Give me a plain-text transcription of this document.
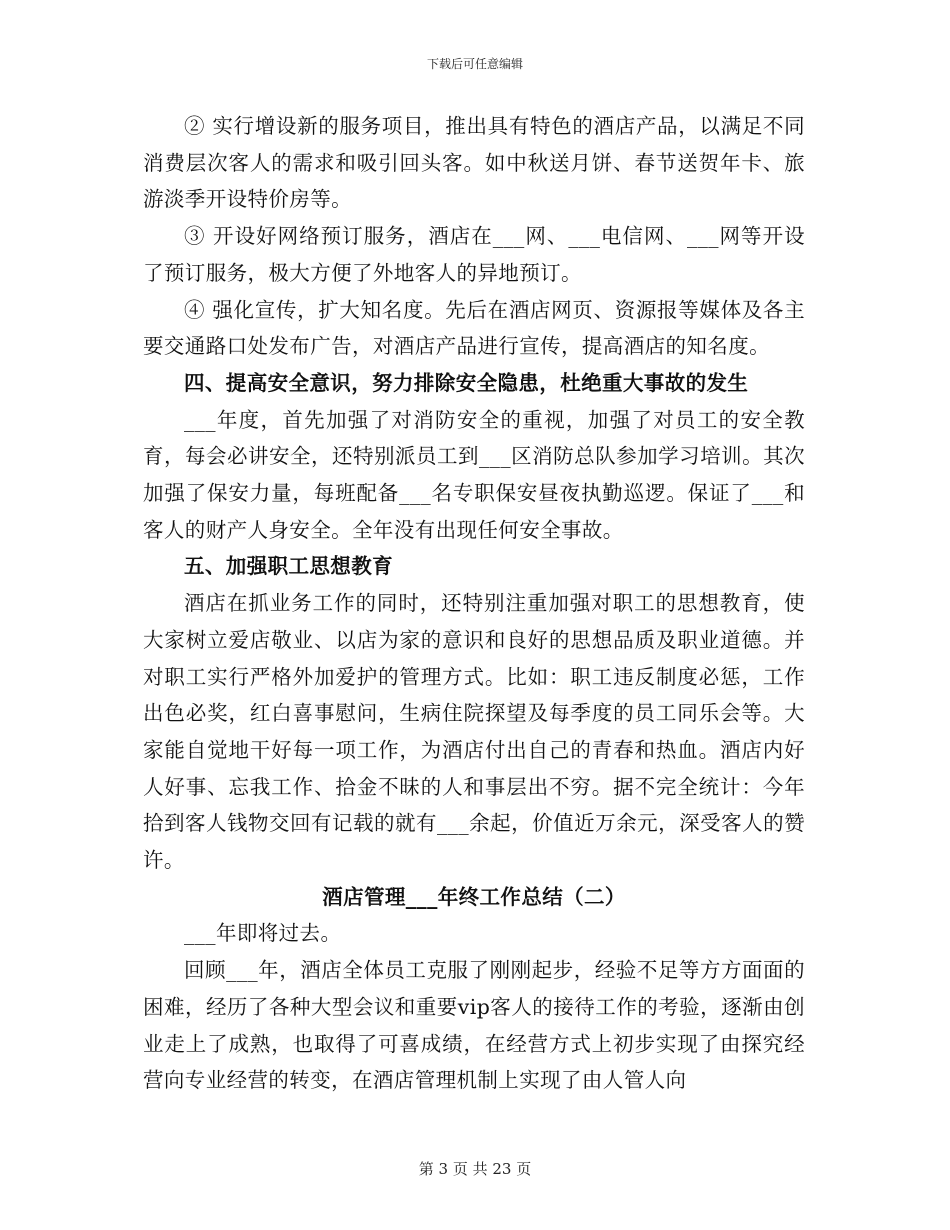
下载后可任意编辑

② 实行增设新的服务项目，推出具有特色的酒店产品，以满足不同消费层次客人的需求和吸引回头客。如中秋送月饼、春节送贺年卡、旅游淡季开设特价房等。

③ 开设好网络预订服务，酒店在___网、___电信网、___网等开设了预订服务，极大方便了外地客人的异地预订。

④ 强化宣传，扩大知名度。先后在酒店网页、资源报等媒体及各主要交通路口处发布广告，对酒店产品进行宣传，提高酒店的知名度。

四、提高安全意识，努力排除安全隐患，杜绝重大事故的发生

___年度，首先加强了对消防安全的重视，加强了对员工的安全教育，每会必讲安全，还特别派员工到___区消防总队参加学习培训。其次加强了保安力量，每班配备___名专职保安昼夜执勤巡逻。保证了___和客人的财产人身安全。全年没有出现任何安全事故。

五、加强职工思想教育

酒店在抓业务工作的同时，还特别注重加强对职工的思想教育，使大家树立爱店敬业、以店为家的意识和良好的思想品质及职业道德。并对职工实行严格外加爱护的管理方式。比如：职工违反制度必惩，工作出色必奖，红白喜事慰问，生病住院探望及每季度的员工同乐会等。大家能自觉地干好每一项工作，为酒店付出自己的青春和热血。酒店内好人好事、忘我工作、拾金不昧的人和事层出不穷。据不完全统计：今年拾到客人钱物交回有记载的就有___余起，价值近万余元，深受客人的赞许。

酒店管理___年终工作总结（二）

___年即将过去。

回顾___年，酒店全体员工克服了刚刚起步，经验不足等方方面面的困难，经历了各种大型会议和重要vip客人的接待工作的考验，逐渐由创业走上了成熟，也取得了可喜成绩，在经营方式上初步实现了由探究经营向专业经营的转变，在酒店管理机制上实现了由人管人向

第 3 页 共 23 页
